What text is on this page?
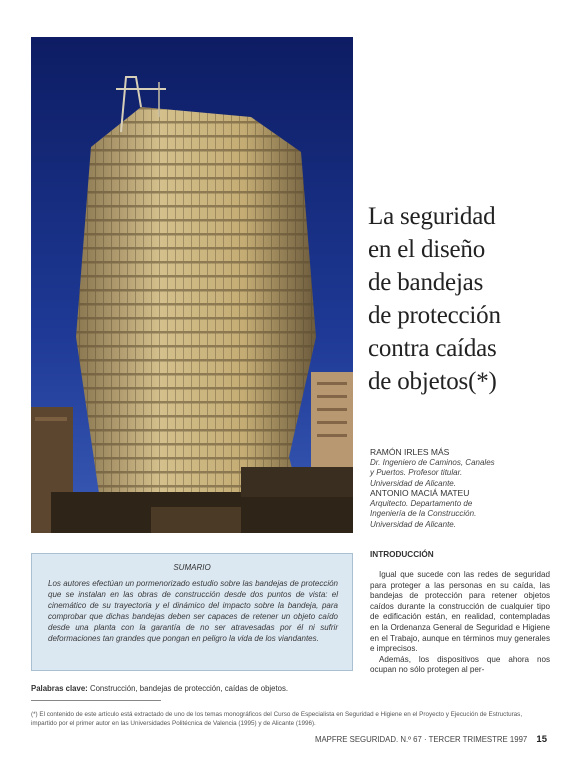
La seguridad
en el diseño
de bandejas
de protección
contra caídas
de objetos(*)
RAMÓN IRLES MÁS
Dr. Ingeniero de Caminos, Canales
y Puertos. Profesor titular.
Universidad de Alicante.
ANTONIO MACIÁ MATEU
Arquitecto. Departamento de
Ingeniería de la Construcción.
Universidad de Alicante.
SUMARIO
Los autores efectúan un pormenorizado estudio sobre las bandejas de protección que se instalan en las obras de construcción desde dos puntos de vista: el cinemático de su trayectoria y el dinámico del impacto sobre la bandeja, para comprobar que dichas bandejas deben ser capaces de retener un objeto caído desde una planta con la garantía de no ser atravesadas por él ni sufrir deformaciones tan grandes que pongan en peligro la vida de los viandantes.
Palabras clave: Construcción, bandejas de protección, caídas de objetos.
INTRODUCCIÓN

Igual que sucede con las redes de seguridad para proteger a las personas en su caída, las bandejas de protección para retener objetos caídos durante la construcción de cualquier tipo de edificación están, en realidad, contempladas en la Ordenanza General de Seguridad e Higiene en el Trabajo, aunque en términos muy generales e imprecisos.

Además, los dispositivos que ahora nos ocupan no sólo protegen al per-

(*) El contenido de este artículo está extractado de uno de los temas monográficos del Curso de Especialista en Seguridad e Higiene en el Proyecto y Ejecución de Estructuras, impartido por el primer autor en las Universidades Politécnica de Valencia (1995) y de Alicante (1996).
MAPFRE SEGURIDAD. N.º 67 · TERCER TRIMESTRE 1997 15
